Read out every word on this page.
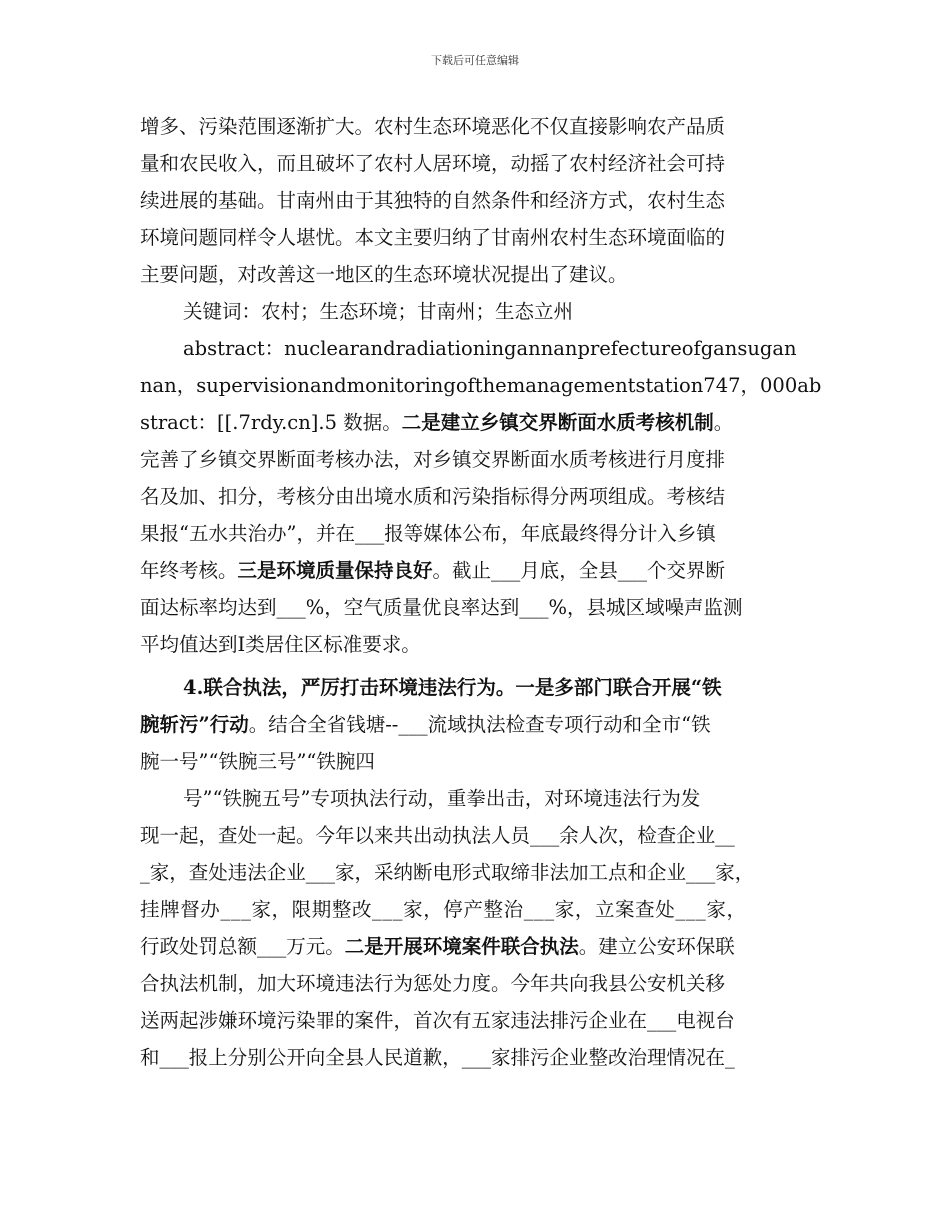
下载后可任意编辑
增多、污染范围逐渐扩大。农村生态环境恶化不仅直接影响农产品质
量和农民收入，而且破坏了农村人居环境，动摇了农村经济社会可持
续进展的基础。甘南州由于其独特的自然条件和经济方式，农村生态
环境问题同样令人堪忧。本文主要归纳了甘南州农村生态环境面临的
主要问题，对改善这一地区的生态环境状况提出了建议。
关键词：农村；生态环境；甘南州；生态立州
abstract：nuclearandradiationingannanprefectureofgansugan
nan，supervisionandmonitoringofthemanagementstation747，000ab
stract：[[.7rdy.cn].5 数据。二是建立乡镇交界断面水质考核机制。
完善了乡镇交界断面考核办法，对乡镇交界断面水质考核进行月度排
名及加、扣分，考核分由出境水质和污染指标得分两项组成。考核结
果报“五水共治办”，并在___报等媒体公布，年底最终得分计入乡镇
年终考核。三是环境质量保持良好。截止___月底，全县___个交界断
面达标率均达到___%，空气质量优良率达到___%，县城区域噪声监测
平均值达到Ⅰ类居住区标准要求。
4.联合执法，严厉打击环境违法行为。一是多部门联合开展“铁
腕斩污”行动。结合全省钱塘--___流域执法检查专项行动和全市“铁
腕一号”“铁腕三号”“铁腕四
号”“铁腕五号”专项执法行动，重拳出击，对环境违法行为发
现一起，查处一起。今年以来共出动执法人员___余人次，检查企业__
_家，查处违法企业___家，采纳断电形式取缔非法加工点和企业___家，
挂牌督办___家，限期整改___家，停产整治___家，立案查处___家，
行政处罚总额___万元。二是开展环境案件联合执法。建立公安环保联
合执法机制，加大环境违法行为惩处力度。今年共向我县公安机关移
送两起涉嫌环境污染罪的案件，首次有五家违法排污企业在___电视台
和___报上分别公开向全县人民道歉，___家排污企业整改治理情况在_
